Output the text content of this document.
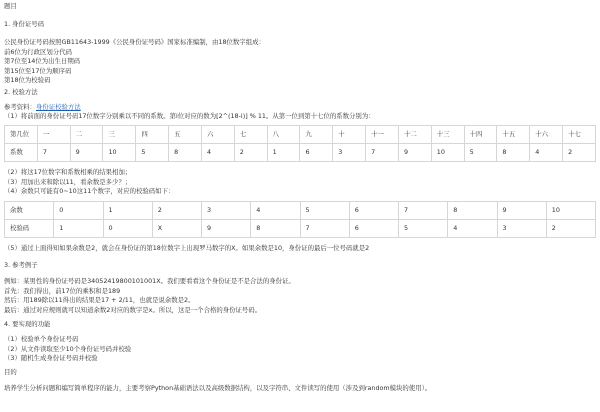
题目
1. 身份证号码
公民身份证号码按照GB11643-1999《公民身份证号码》国家标准编制，由18位数字组成：
前6位为行政区划分代码
第7位至14位为出生日期码
第15位至17位为顺序码
第18位为校验码
2. 校验方法
参考资料：身份证校验方法
（1）将前面的身份证号码17位数字分别乘以不同的系数。第i位对应的数为[2^(18-i)] % 11。从第一位到第十七位的系数分别为：
第几位	一	二	三	四	五	六	七	八	九	十	十一	十二	十三	十四	十五	十六	十七
系数	7	9	10	5	8	4	2	1	6	3	7	9	10	5	8	4	2
（2）将这17位数字和系数相乘的结果相加；
（3）用加出来和除以11，看余数是多少？；
（4）余数只可能有0~10这11个数字，对应的校验码如下：
余数	0	1	2	3	4	5	6	7	8	9	10
校验码	1	0	X	9	8	7	6	5	4	3	2
（5）通过上面得知如果余数是2，就会在身份证的第18位数字上出现罗马数字的X。如果余数是10，身份证的最后一位号码就是2
3. 参考例子
例如：某男性的身份证号码是34052419800101001X。我们要看看这个身份证是不是合法的身份证。
首先：我们得出，前17位的乘积和是189
然后：用189除以11得出的结果是17 + 2/11，也就是说余数是2。
最后：通过对应规则就可以知道余数2对应的数字是x。所以，这是一个合格的身份证号码。
4. 要实现的功能
（1）校验单个身份证号码
（2）从文件读取至少10个身份证号码并校验
（3）随机生成身份证号码并校验
目的
培养学生分析问题和编写简单程序的能力，主要考察Python基础语法以及高级数据结构，以及字符串、文件读写的使用（涉及到random模块的使用）。
